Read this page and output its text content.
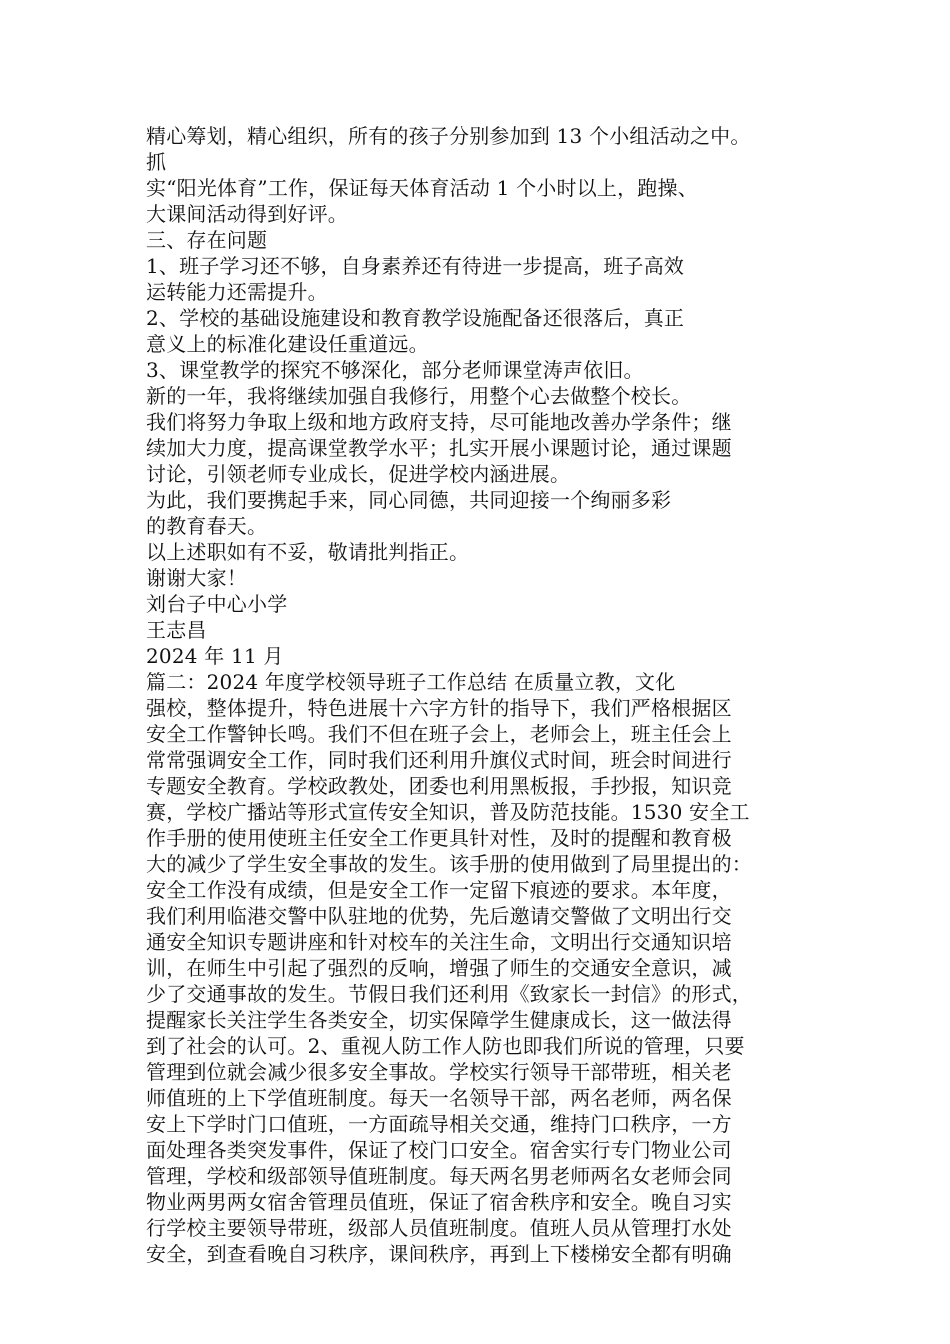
精心筹划，精心组织，所有的孩子分别参加到 13 个小组活动之中。
抓
实“阳光体育”工作，保证每天体育活动 1 个小时以上，跑操、
大课间活动得到好评。
三、存在问题
1、班子学习还不够，自身素养还有待进一步提高，班子高效
运转能力还需提升。
2、学校的基础设施建设和教育教学设施配备还很落后，真正
意义上的标准化建设任重道远。
3、课堂教学的探究不够深化，部分老师课堂涛声依旧。
新的一年，我将继续加强自我修行，用整个心去做整个校长。
我们将努力争取上级和地方政府支持，尽可能地改善办学条件；继
续加大力度，提高课堂教学水平；扎实开展小课题讨论，通过课题
讨论，引领老师专业成长，促进学校内涵进展。
为此，我们要携起手来，同心同德，共同迎接一个绚丽多彩
的教育春天。
以上述职如有不妥，敬请批判指正。
谢谢大家！
刘台子中心小学
王志昌
2024 年 11 月
篇二：2024 年度学校领导班子工作总结 在质量立教，文化
强校，整体提升，特色进展十六字方针的指导下，我们严格根据区
安全工作警钟长鸣。我们不但在班子会上，老师会上，班主任会上
常常强调安全工作，同时我们还利用升旗仪式时间，班会时间进行
专题安全教育。学校政教处，团委也利用黑板报，手抄报，知识竞
赛，学校广播站等形式宣传安全知识，普及防范技能。1530 安全工
作手册的使用使班主任安全工作更具针对性，及时的提醒和教育极
大的减少了学生安全事故的发生。该手册的使用做到了局里提出的：
安全工作没有成绩，但是安全工作一定留下痕迹的要求。本年度，
我们利用临港交警中队驻地的优势，先后邀请交警做了文明出行交
通安全知识专题讲座和针对校车的关注生命，文明出行交通知识培
训，在师生中引起了强烈的反响，增强了师生的交通安全意识，减
少了交通事故的发生。节假日我们还利用《致家长一封信》的形式，
提醒家长关注学生各类安全，切实保障学生健康成长，这一做法得
到了社会的认可。2、重视人防工作人防也即我们所说的管理，只要
管理到位就会减少很多安全事故。学校实行领导干部带班，相关老
师值班的上下学值班制度。每天一名领导干部，两名老师，两名保
安上下学时门口值班，一方面疏导相关交通，维持门口秩序，一方
面处理各类突发事件，保证了校门口安全。宿舍实行专门物业公司
管理，学校和级部领导值班制度。每天两名男老师两名女老师会同
物业两男两女宿舍管理员值班，保证了宿舍秩序和安全。晚自习实
行学校主要领导带班，级部人员值班制度。值班人员从管理打水处
安全，到查看晚自习秩序，课间秩序，再到上下楼梯安全都有明确
